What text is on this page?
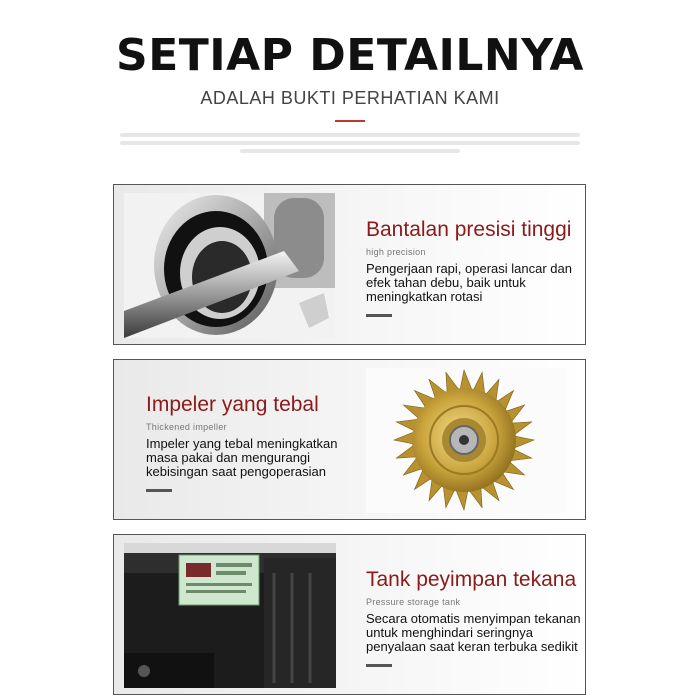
SETIAP DETAILNYA
ADALAH BUKTI PERHATIAN KAMI
Bantalan presisi tinggi
high precision
Pengerjaan rapi, operasi lancar dan efek tahan debu, baik untuk meningkatkan rotasi
Impeler yang tebal
Thickened impeller
Impeler yang tebal meningkatkan masa pakai dan mengurangi kebisingan saat pengoperasian
Tank peyimpan tekana
Pressure storage tank
Secara otomatis menyimpan tekanan untuk menghindari seringnya penyalaan saat keran terbuka sedikit
